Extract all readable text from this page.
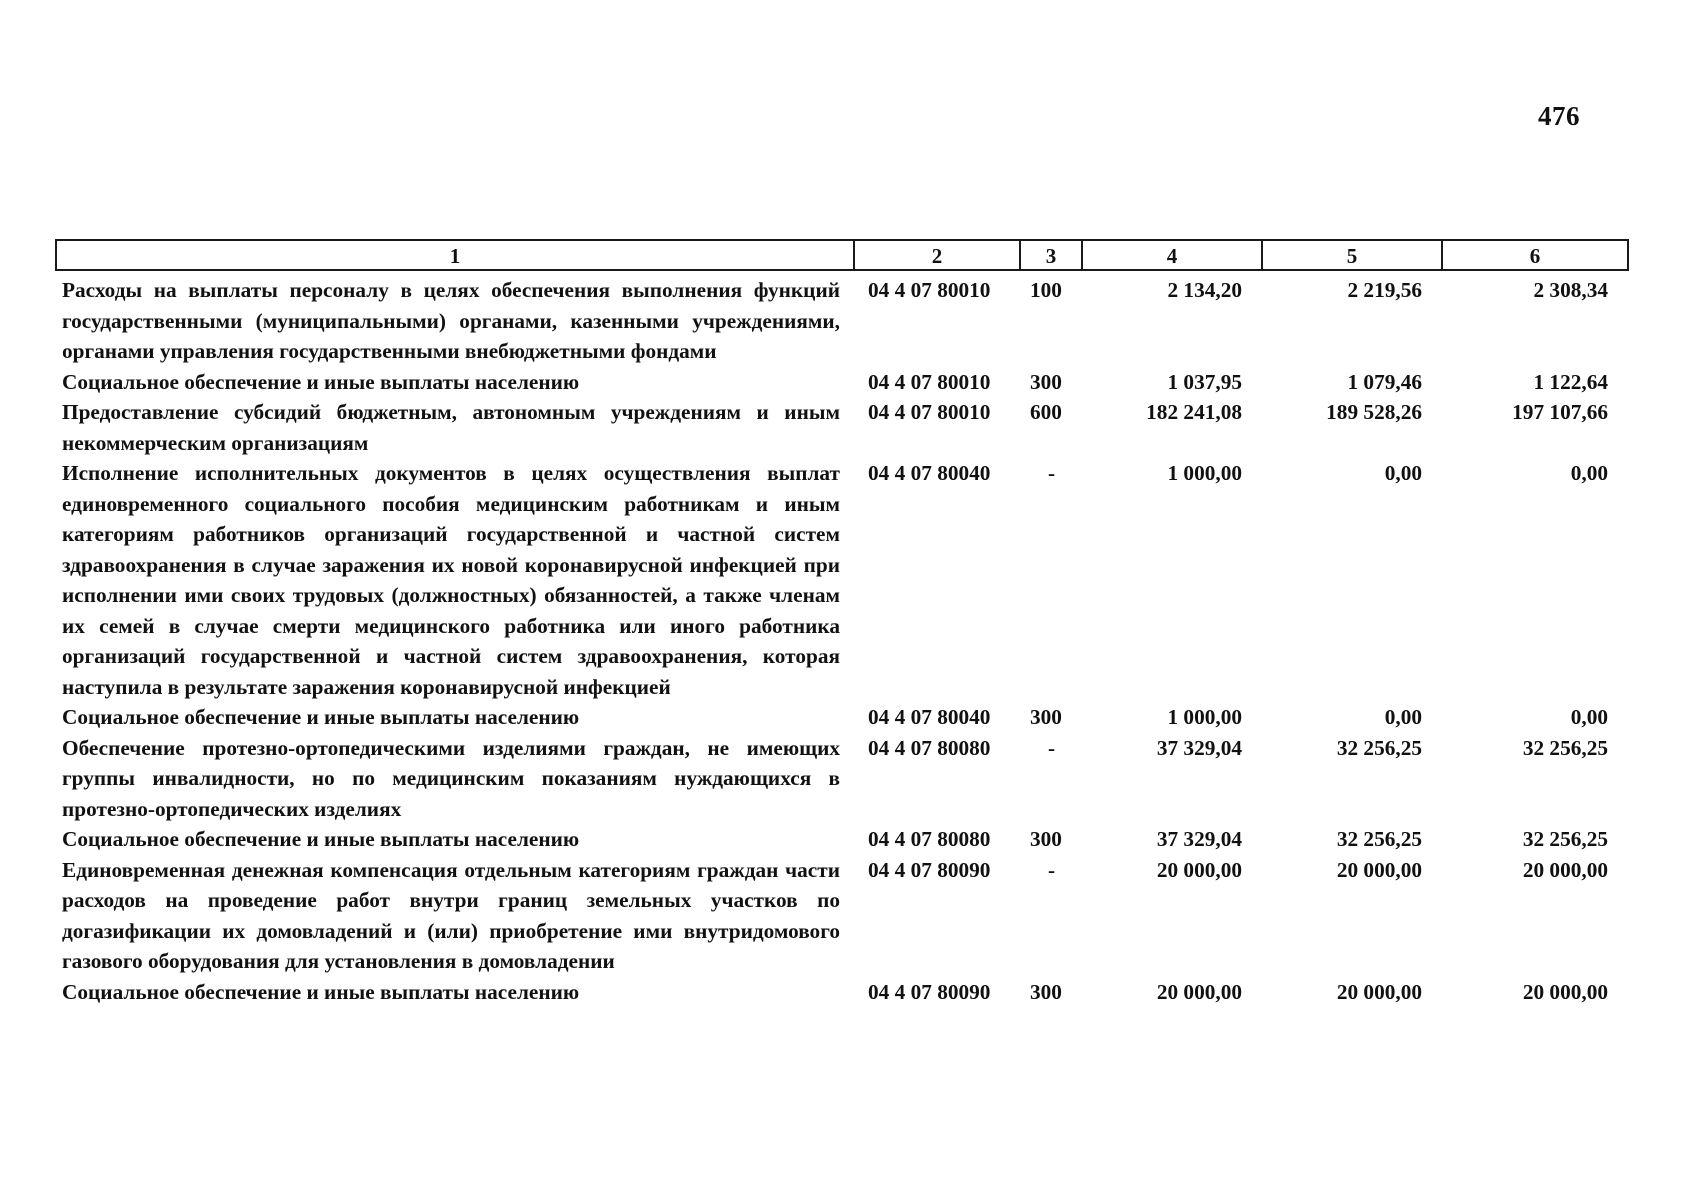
476
1	2	3	4	5	6
Расходы на выплаты персоналу в целях обеспечения выполнения функций государственными (муниципальными) органами, казенными учреждениями, органами управления государственными внебюджетными фондами	04 4 07 80010	100	2 134,20	2 219,56	2 308,34
Социальное обеспечение и иные выплаты населению	04 4 07 80010	300	1 037,95	1 079,46	1 122,64
Предоставление субсидий бюджетным, автономным учреждениям и иным некоммерческим организациям	04 4 07 80010	600	182 241,08	189 528,26	197 107,66
Исполнение исполнительных документов в целях осуществления выплат единовременного социального пособия медицинским работникам и иным категориям работников организаций государственной и частной систем здравоохранения в случае заражения их новой коронавирусной инфекцией при исполнении ими своих трудовых (должностных) обязанностей, а также членам их семей в случае смерти медицинского работника или иного работника организаций государственной и частной систем здравоохранения, которая наступила в результате заражения коронавирусной инфекцией	04 4 07 80040	-	1 000,00	0,00	0,00
Социальное обеспечение и иные выплаты населению	04 4 07 80040	300	1 000,00	0,00	0,00
Обеспечение протезно-ортопедическими изделиями граждан, не имеющих группы инвалидности, но по медицинским показаниям нуждающихся в протезно-ортопедических изделиях	04 4 07 80080	-	37 329,04	32 256,25	32 256,25
Социальное обеспечение и иные выплаты населению	04 4 07 80080	300	37 329,04	32 256,25	32 256,25
Единовременная денежная компенсация отдельным категориям граждан части расходов на проведение работ внутри границ земельных участков по догазификации их домовладений и (или) приобретение ими внутридомового газового оборудования для установления в домовладении	04 4 07 80090	-	20 000,00	20 000,00	20 000,00
Социальное обеспечение и иные выплаты населению	04 4 07 80090	300	20 000,00	20 000,00	20 000,00
